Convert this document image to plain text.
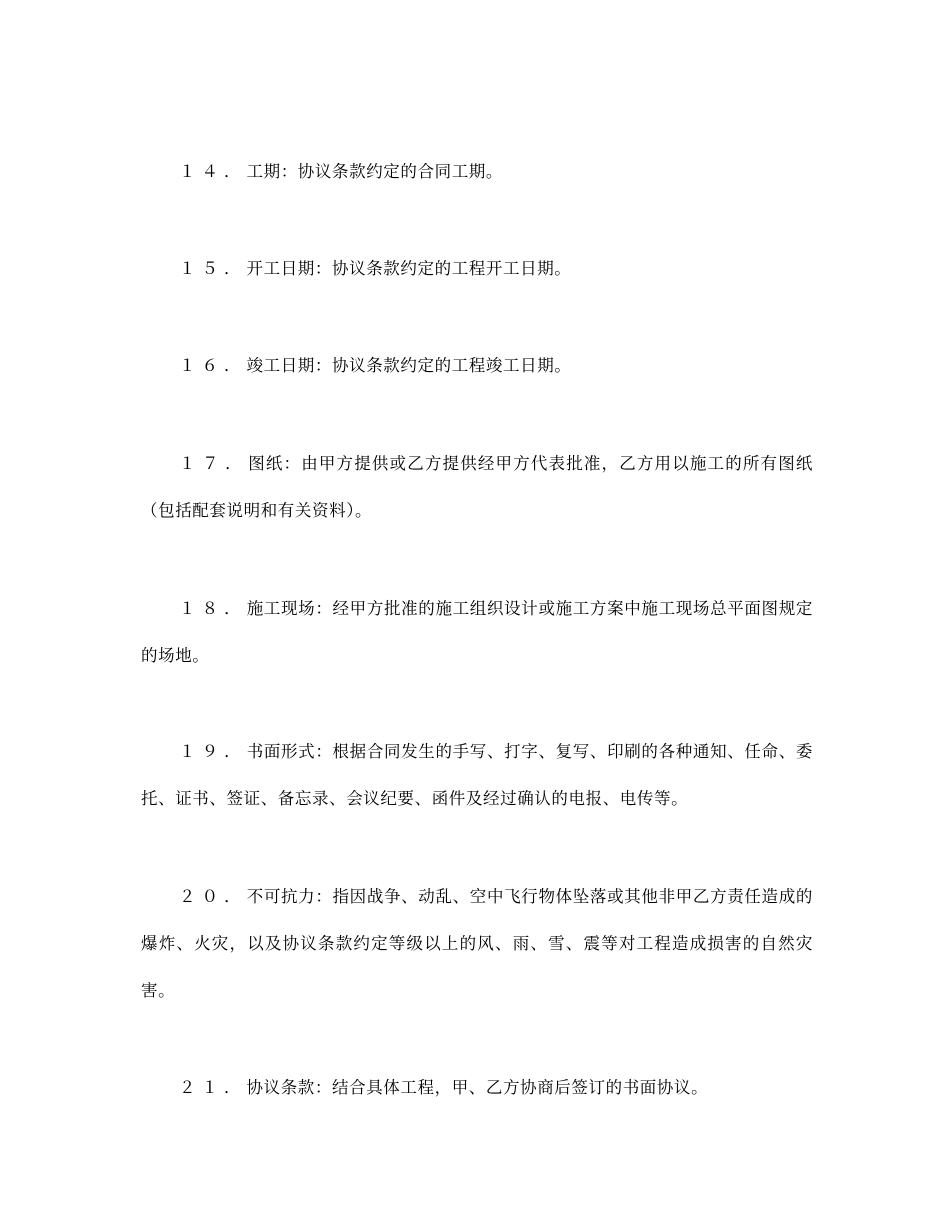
１４．工期：协议条款约定的合同工期。

１５．开工日期：协议条款约定的工程开工日期。

１６．竣工日期：协议条款约定的工程竣工日期。

１７．图纸：由甲方提供或乙方提供经甲方代表批准，乙方用以施工的所有图纸（包括配套说明和有关资料）。

１８．施工现场：经甲方批准的施工组织设计或施工方案中施工现场总平面图规定的场地。

１９．书面形式：根据合同发生的手写、打字、复写、印刷的各种通知、任命、委托、证书、签证、备忘录、会议纪要、函件及经过确认的电报、电传等。

２０．不可抗力：指因战争、动乱、空中飞行物体坠落或其他非甲乙方责任造成的爆炸、火灾，以及协议条款约定等级以上的风、雨、雪、震等对工程造成损害的自然灾害。

２１．协议条款：结合具体工程，甲、乙方协商后签订的书面协议。
